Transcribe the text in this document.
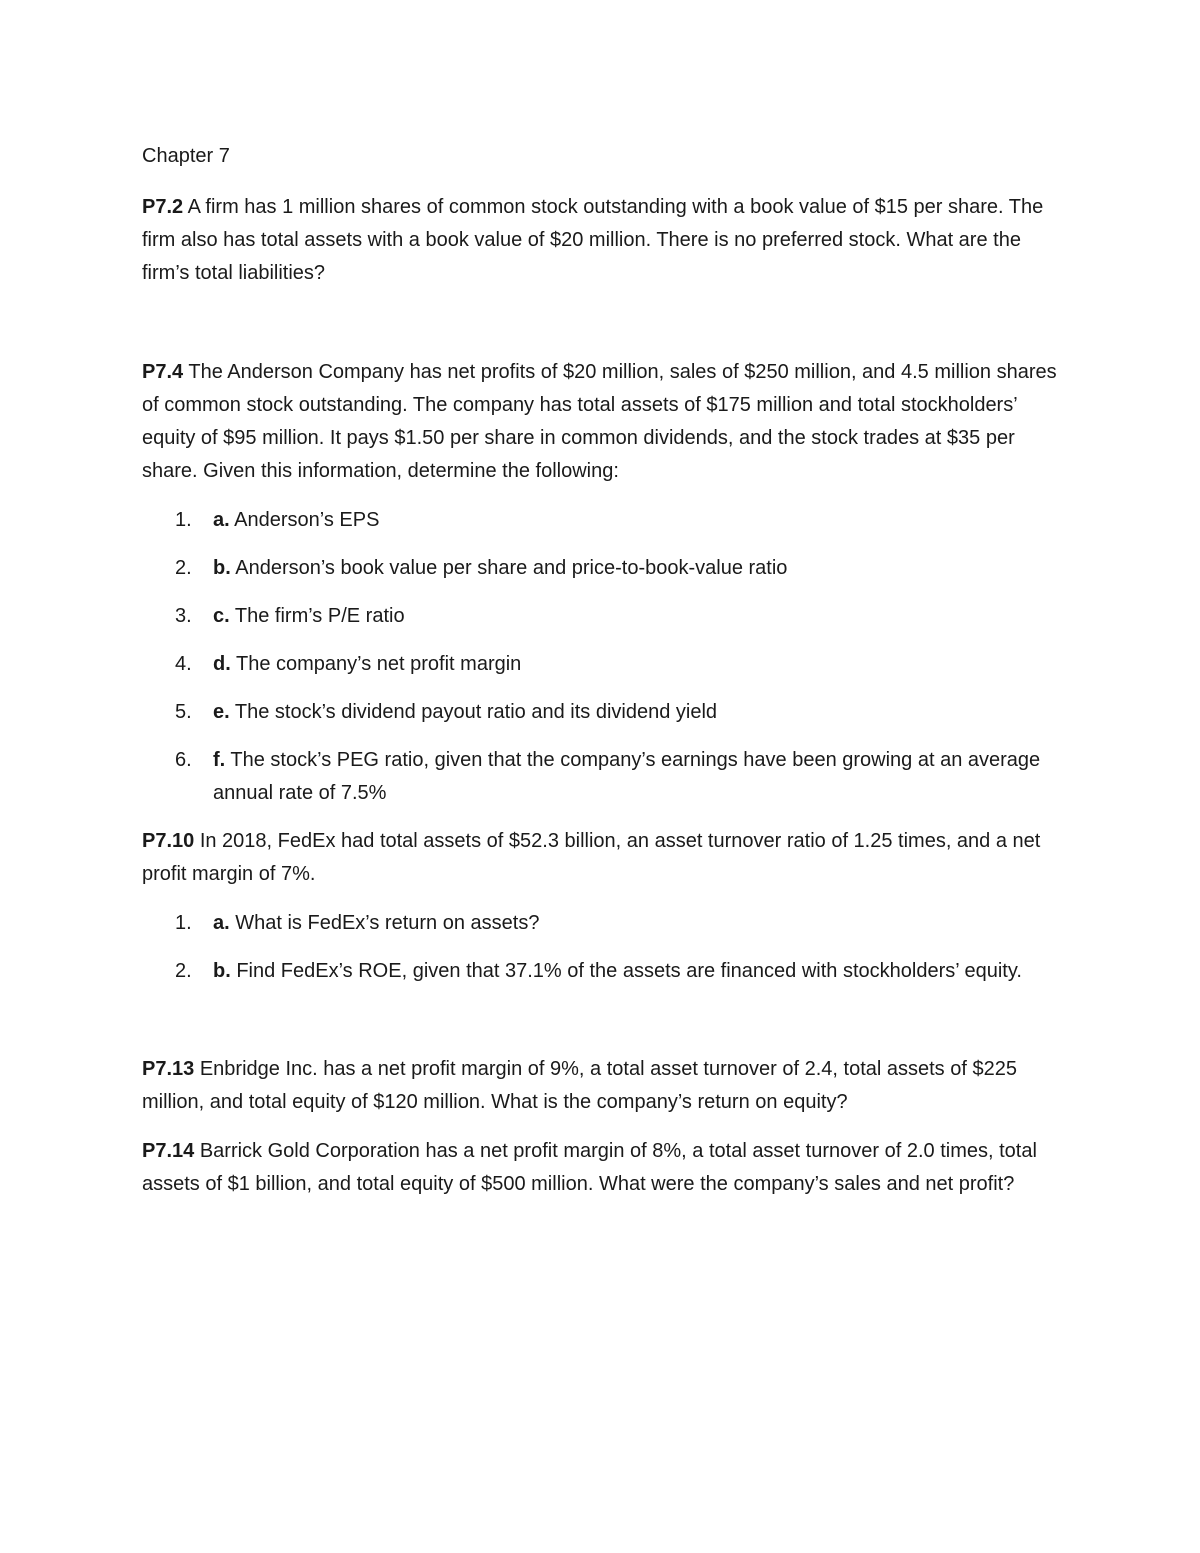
Chapter 7

P7.2 A firm has 1 million shares of common stock outstanding with a book value of $15 per share. The firm also has total assets with a book value of $20 million. There is no preferred stock. What are the firm’s total liabilities?

P7.4 The Anderson Company has net profits of $20 million, sales of $250 million, and 4.5 million shares of common stock outstanding. The company has total assets of $175 million and total stockholders’ equity of $95 million. It pays $1.50 per share in common dividends, and the stock trades at $35 per share. Given this information, determine the following:

1. a. Anderson’s EPS
2. b. Anderson’s book value per share and price-to-book-value ratio
3. c. The firm’s P/E ratio
4. d. The company’s net profit margin
5. e. The stock’s dividend payout ratio and its dividend yield
6. f. The stock’s PEG ratio, given that the company’s earnings have been growing at an average annual rate of 7.5%

P7.10 In 2018, FedEx had total assets of $52.3 billion, an asset turnover ratio of 1.25 times, and a net profit margin of 7%.

1. a. What is FedEx’s return on assets?
2. b. Find FedEx’s ROE, given that 37.1% of the assets are financed with stockholders’ equity.

P7.13 Enbridge Inc. has a net profit margin of 9%, a total asset turnover of 2.4, total assets of $225 million, and total equity of $120 million. What is the company’s return on equity?

P7.14 Barrick Gold Corporation has a net profit margin of 8%, a total asset turnover of 2.0 times, total assets of $1 billion, and total equity of $500 million. What were the company’s sales and net profit?
